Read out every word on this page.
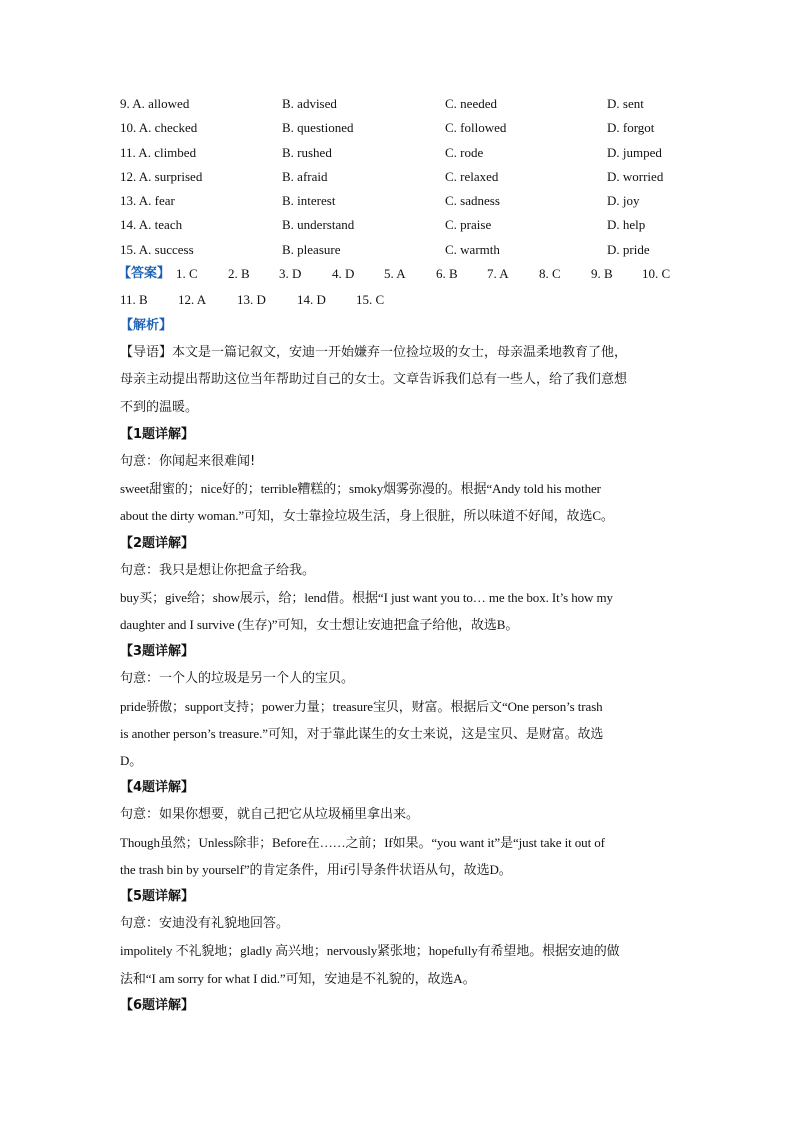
9. A. allowed	B. advised	C. needed	D. sent
10. A. checked	B. questioned	C. followed	D. forgot
11. A. climbed	B. rushed	C. rode	D. jumped
12. A. surprised	B. afraid	C. relaxed	D. worried
13. A. fear	B. interest	C. sadness	D. joy
14. A. teach	B. understand	C. praise	D. help
15. A. success	B. pleasure	C. warmth	D. pride
【答案】 1. C 2. B 3. D 4. D 5. A 6. B 7. A 8. C 9. B 10. C
11. B 12. A 13. D 14. D 15. C
【解析】
【导语】本文是一篇记叙文，安迪一开始嫌弃一位捡垃圾的女士，母亲温柔地教育了他，
母亲主动提出帮助这位当年帮助过自己的女士。文章告诉我们总有一些人，给了我们意想
不到的温暖。
【1题详解】
句意：你闻起来很难闻!
sweet甜蜜的；nice好的；terrible糟糕的；smoky烟雾弥漫的。根据“Andy told his mother
about the dirty woman.”可知，女士靠捡垃圾生活，身上很脏，所以味道不好闻，故选C。
【2题详解】
句意：我只是想让你把盒子给我。
buy买；give给；show展示，给；lend借。根据“I just want you to… me the box. It’s how my
daughter and I survive (生存)”可知，女士想让安迪把盒子给他，故选B。
【3题详解】
句意：一个人的垃圾是另一个人的宝贝。
pride骄傲；support支持；power力量；treasure宝贝，财富。根据后文“One person’s trash
is another person’s treasure.”可知，对于靠此谋生的女士来说，这是宝贝、是财富。故选
D。
【4题详解】
句意：如果你想要，就自己把它从垃圾桶里拿出来。
Though虽然；Unless除非；Before在……之前；If如果。“you want it”是“just take it out of
the trash bin by yourself”的肯定条件，用if引导条件状语从句，故选D。
【5题详解】
句意：安迪没有礼貌地回答。
impolitely 不礼貌地；gladly 高兴地；nervously紧张地；hopefully有希望地。根据安迪的做
法和“I am sorry for what I did.”可知，安迪是不礼貌的，故选A。
【6题详解】
